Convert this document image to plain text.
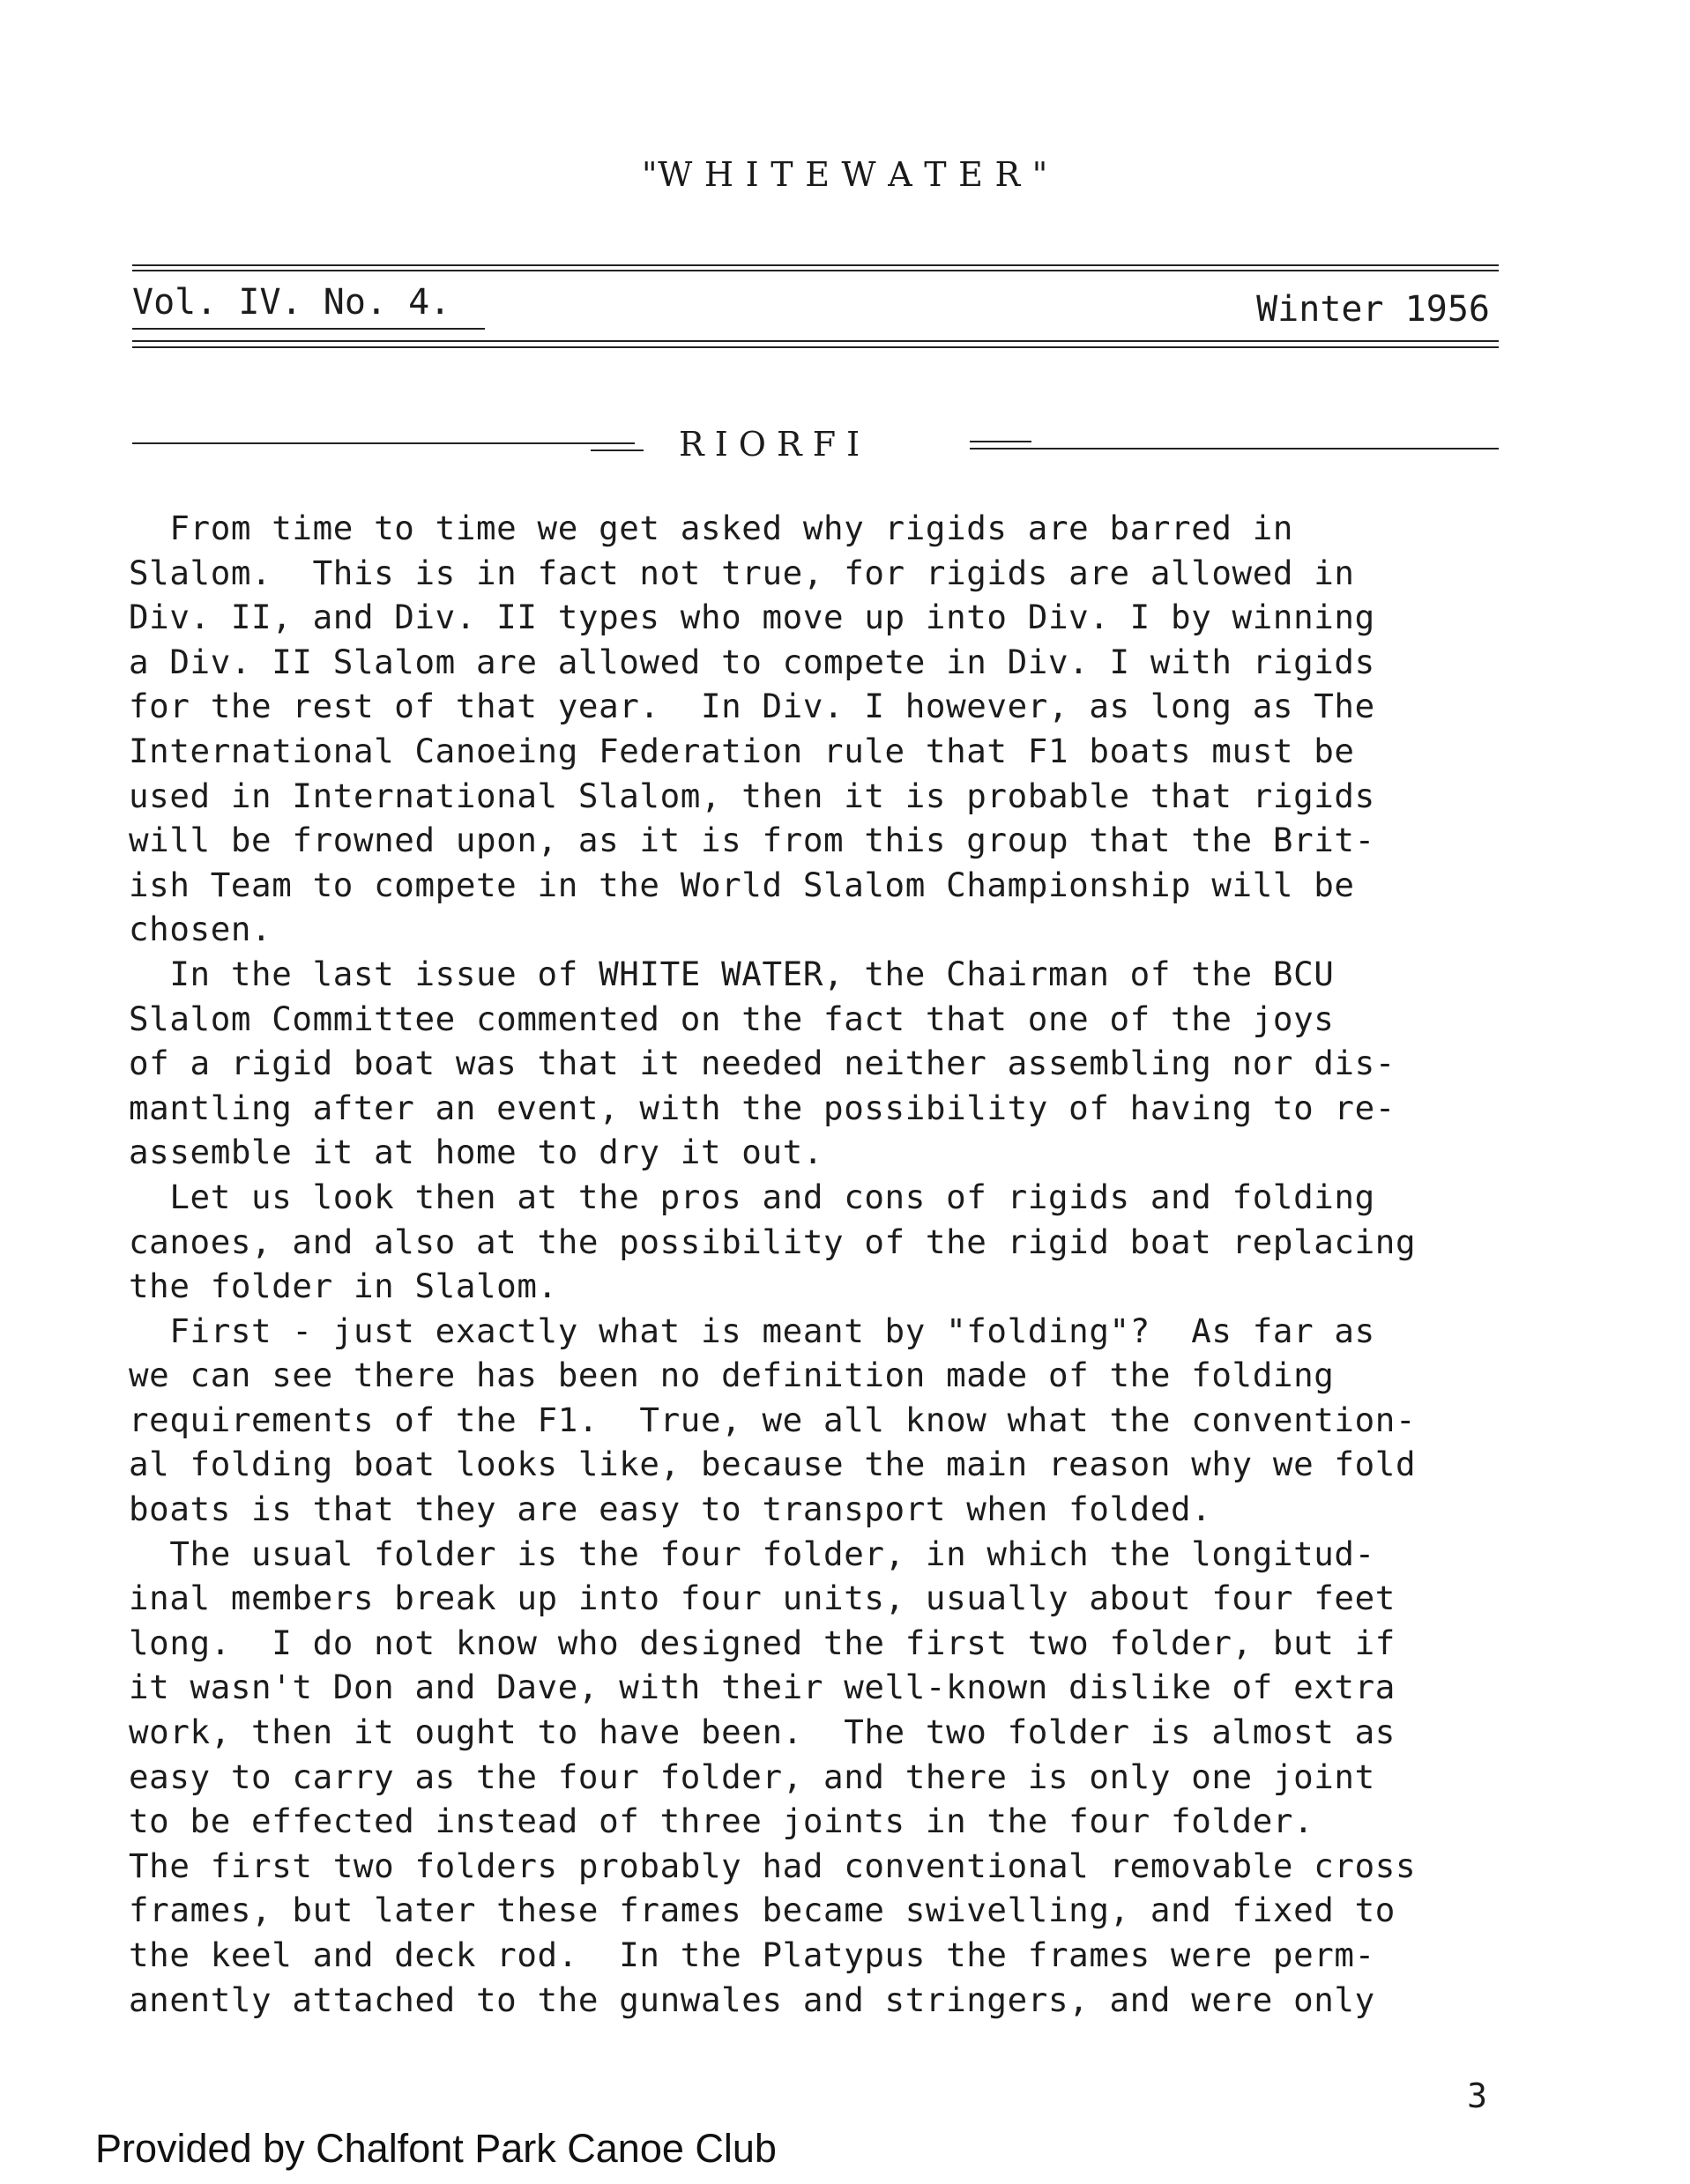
"W H I T E W A T E R "
Vol. IV. No. 4.	Winter 1956
R I O R F I
From time to time we get asked why rigids are barred in
Slalom.  This is in fact not true, for rigids are allowed in
Div. II, and Div. II types who move up into Div. I by winning
a Div. II Slalom are allowed to compete in Div. I with rigids
for the rest of that year.  In Div. I however, as long as The
International Canoeing Federation rule that F1 boats must be
used in International Slalom, then it is probable that rigids
will be frowned upon, as it is from this group that the Brit-
ish Team to compete in the World Slalom Championship will be
chosen.
In the last issue of WHITE WATER, the Chairman of the BCU
Slalom Committee commented on the fact that one of the joys
of a rigid boat was that it needed neither assembling nor dis-
mantling after an event, with the possibility of having to re-
assemble it at home to dry it out.
Let us look then at the pros and cons of rigids and folding
canoes, and also at the possibility of the rigid boat replacing
the folder in Slalom.
First - just exactly what is meant by "folding"?  As far as
we can see there has been no definition made of the folding
requirements of the F1.  True, we all know what the convention-
al folding boat looks like, because the main reason why we fold
boats is that they are easy to transport when folded.
The usual folder is the four folder, in which the longitud-
inal members break up into four units, usually about four feet
long.  I do not know who designed the first two folder, but if
it wasn't Don and Dave, with their well-known dislike of extra
work, then it ought to have been.  The two folder is almost as
easy to carry as the four folder, and there is only one joint
to be effected instead of three joints in the four folder.
The first two folders probably had conventional removable cross
frames, but later these frames became swivelling, and fixed to
the keel and deck rod.  In the Platypus the frames were perm-
anently attached to the gunwales and stringers, and were only
3
Provided by Chalfont Park Canoe Club
